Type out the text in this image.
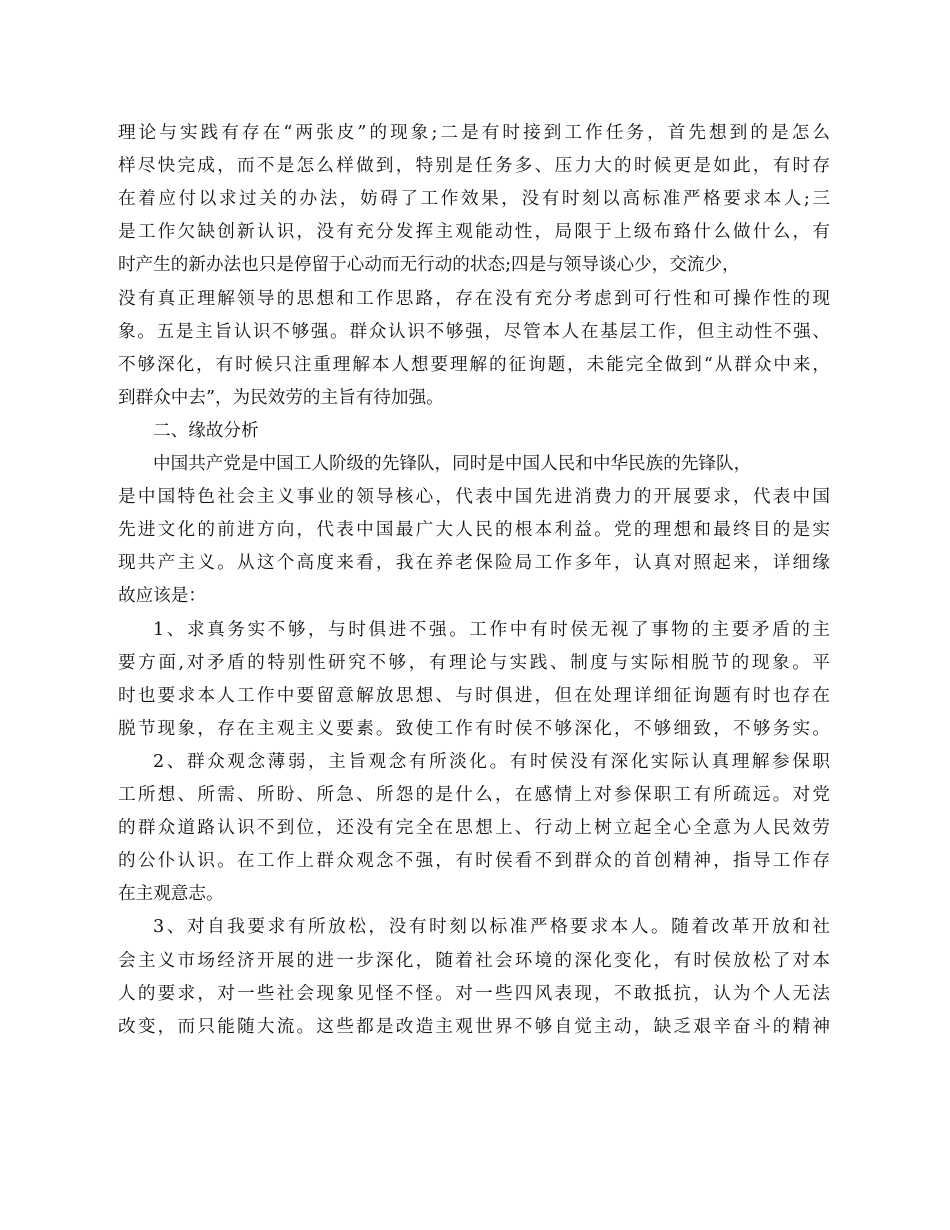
理论与实践有存在“两张皮”的现象;二是有时接到工作任务，首先想到的是怎么
样尽快完成，而不是怎么样做到，特别是任务多、压力大的时候更是如此，有时存
在着应付以求过关的办法，妨碍了工作效果，没有时刻以高标准严格要求本人;三
是工作欠缺创新认识，没有充分发挥主观能动性，局限于上级布臵什么做什么，有
时产生的新办法也只是停留于心动而无行动的状态;四是与领导谈心少，交流少，
没有真正理解领导的思想和工作思路，存在没有充分考虑到可行性和可操作性的现
象。五是主旨认识不够强。群众认识不够强，尽管本人在基层工作，但主动性不强、
不够深化，有时候只注重理解本人想要理解的征询题，未能完全做到“从群众中来，
到群众中去”，为民效劳的主旨有待加强。
二、缘故分析
中国共产党是中国工人阶级的先锋队，同时是中国人民和中华民族的先锋队，
是中国特色社会主义事业的领导核心，代表中国先进消费力的开展要求，代表中国
先进文化的前进方向，代表中国最广大人民的根本利益。党的理想和最终目的是实
现共产主义。从这个高度来看，我在养老保险局工作多年，认真对照起来，详细缘
故应该是：
1、求真务实不够，与时俱进不强。工作中有时侯无视了事物的主要矛盾的主
要方面,对矛盾的特别性研究不够，有理论与实践、制度与实际相脱节的现象。平
时也要求本人工作中要留意解放思想、与时俱进，但在处理详细征询题有时也存在
脱节现象，存在主观主义要素。致使工作有时侯不够深化，不够细致，不够务实。
2、群众观念薄弱，主旨观念有所淡化。有时侯没有深化实际认真理解参保职
工所想、所需、所盼、所急、所怨的是什么，在感情上对参保职工有所疏远。对党
的群众道路认识不到位，还没有完全在思想上、行动上树立起全心全意为人民效劳
的公仆认识。在工作上群众观念不强，有时侯看不到群众的首创精神，指导工作存
在主观意志。
3、对自我要求有所放松，没有时刻以标准严格要求本人。随着改革开放和社
会主义市场经济开展的进一步深化，随着社会环境的深化变化，有时侯放松了对本
人的要求，对一些社会现象见怪不怪。对一些四风表现，不敢抵抗，认为个人无法
改变，而只能随大流。这些都是改造主观世界不够自觉主动，缺乏艰辛奋斗的精神
